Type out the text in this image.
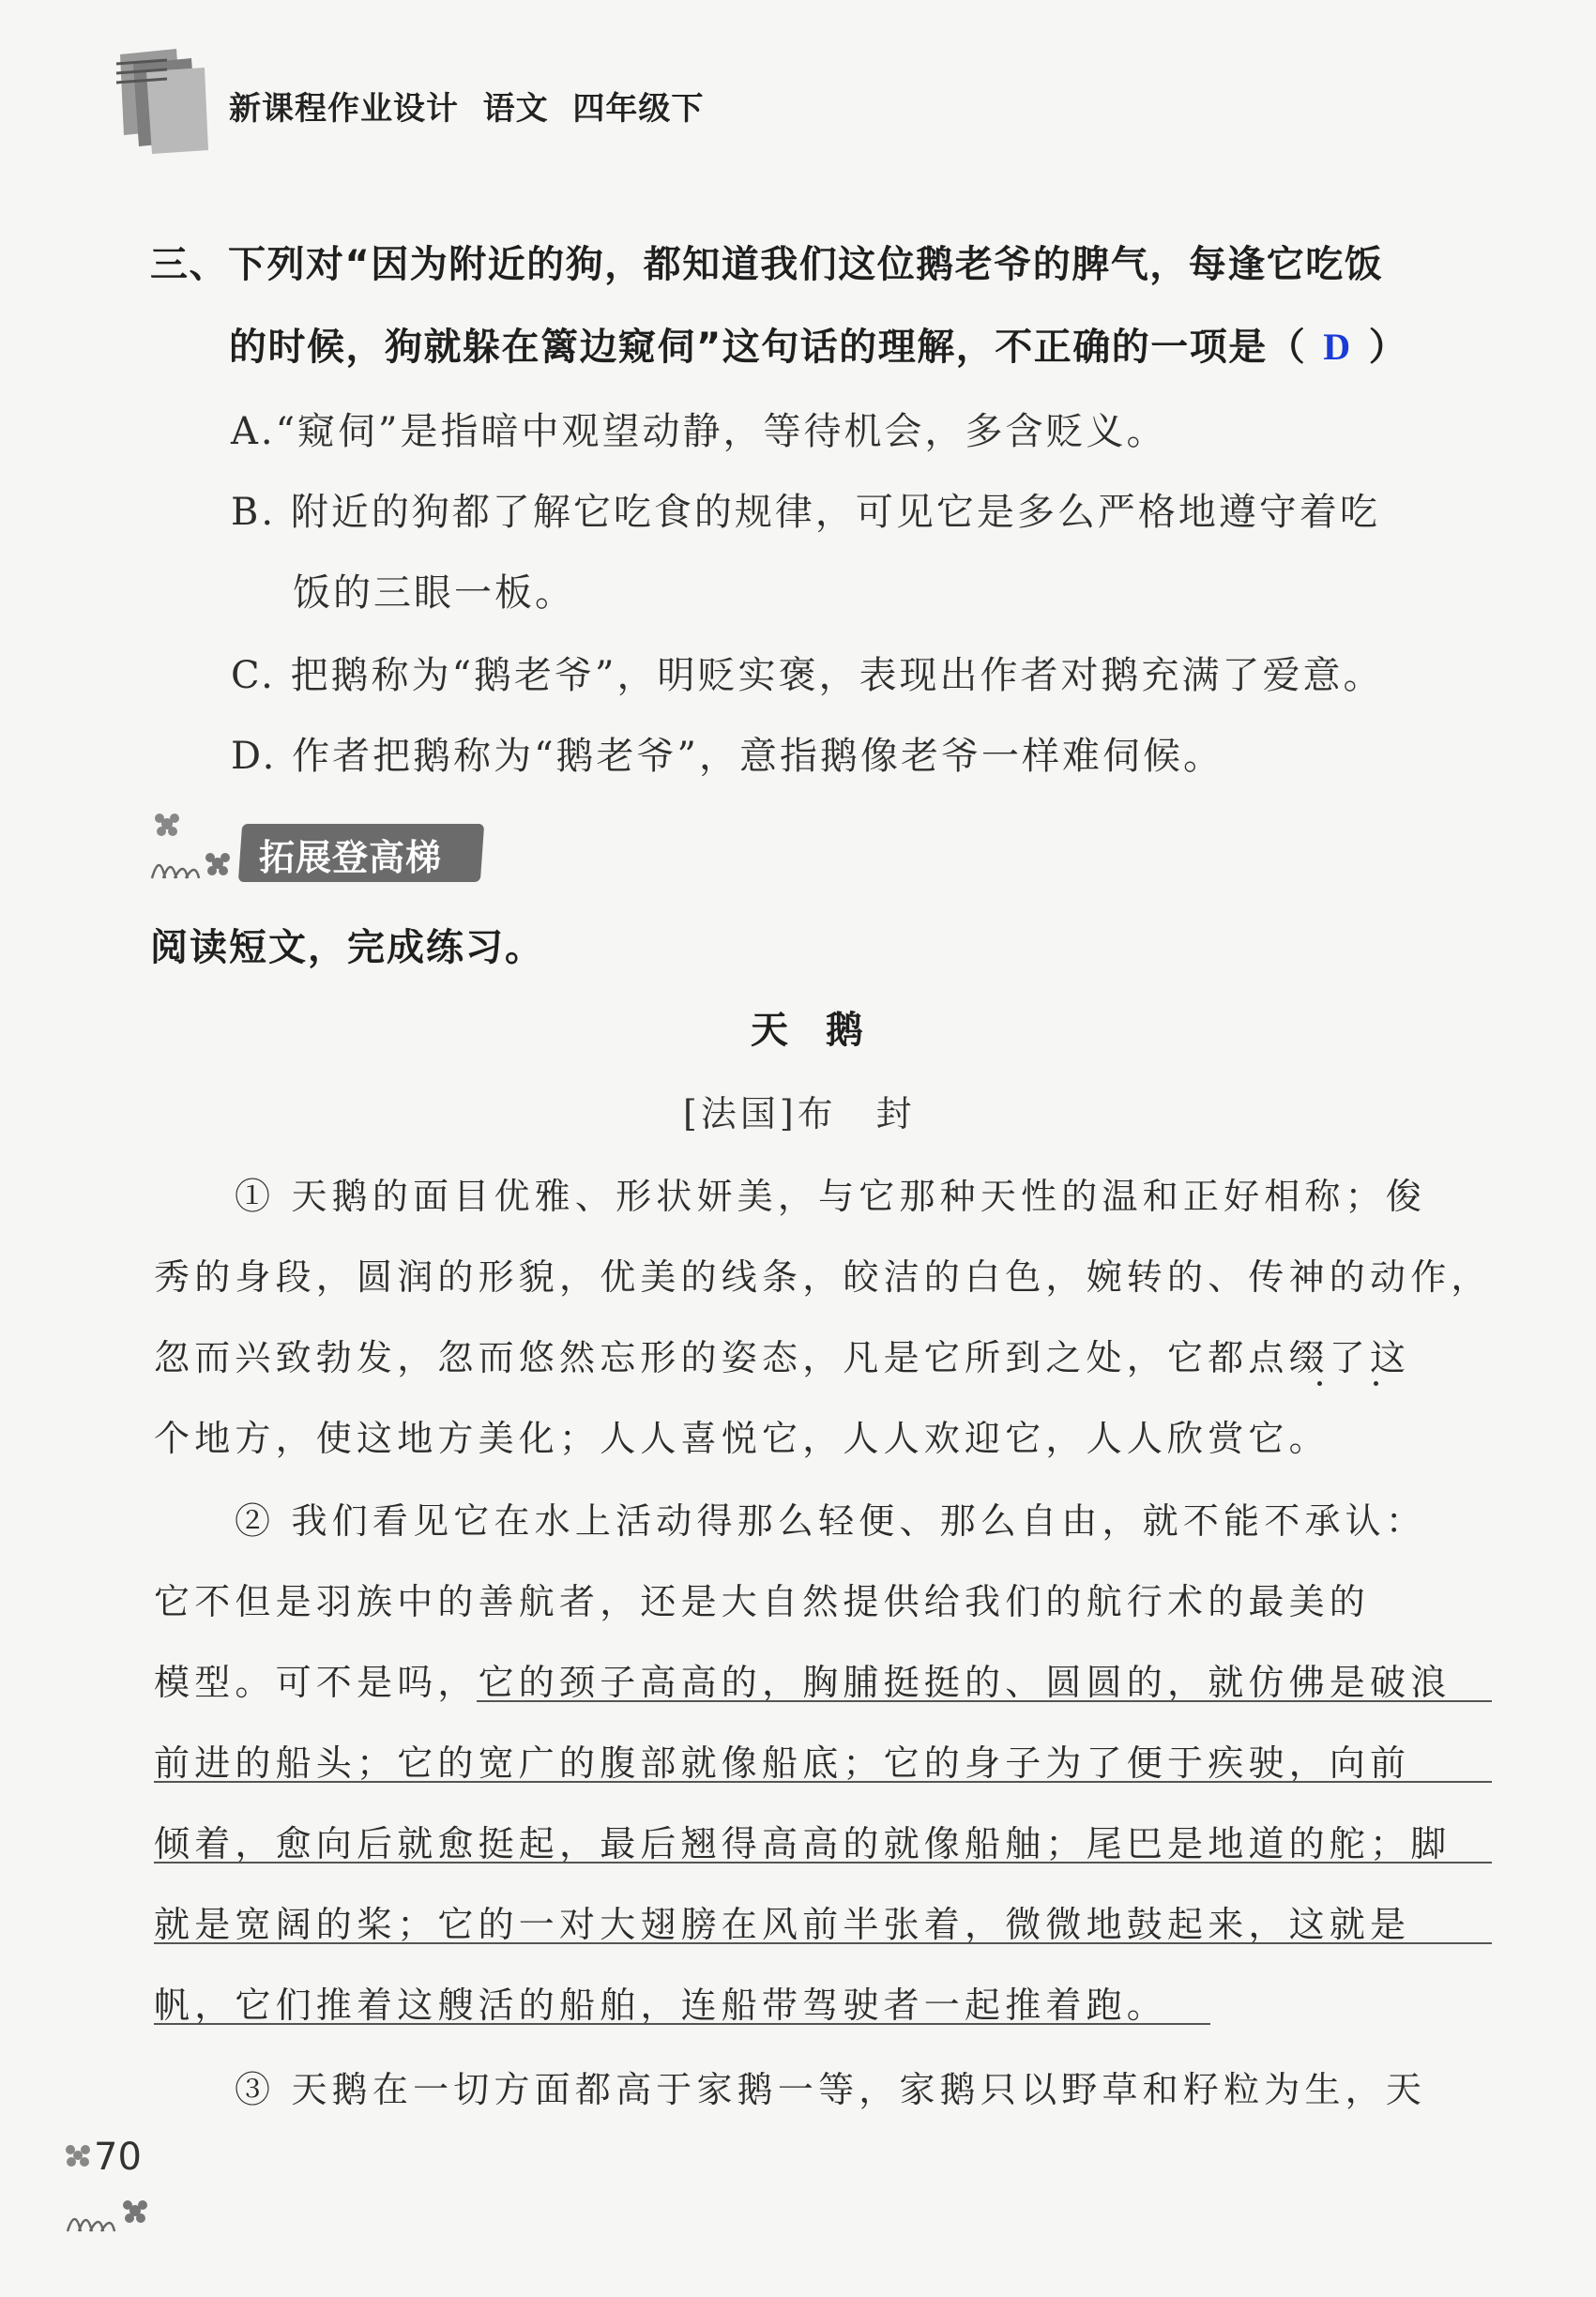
新课程作业设计  语文  四年级下
三、下列对“因为附近的狗，都知道我们这位鹅老爷的脾气，每逢它吃饭
的时候，狗就躲在篱边窥伺”这句话的理解，不正确的一项是（ D ）
A.“窥伺”是指暗中观望动静，等待机会，多含贬义。
B. 附近的狗都了解它吃食的规律，可见它是多么严格地遵守着吃
饭的三眼一板。
C. 把鹅称为“鹅老爷”，明贬实褒，表现出作者对鹅充满了爱意。
D. 作者把鹅称为“鹅老爷”，意指鹅像老爷一样难伺候。
拓展登高梯
阅读短文，完成练习。
天鹅
[法国]布　封
① 天鹅的面目优雅、形状妍美，与它那种天性的温和正好相称；俊
秀的身段，圆润的形貌，优美的线条，皎洁的白色，婉转的、传神的动作，
忽而兴致勃发，忽而悠然忘形的姿态，凡是它所到之处，它都点缀了这
个地方，使这地方美化；人人喜悦它，人人欢迎它，人人欣赏它。
② 我们看见它在水上活动得那么轻便、那么自由，就不能不承认：
它不但是羽族中的善航者，还是大自然提供给我们的航行术的最美的
模型。可不是吗，它的颈子高高的，胸脯挺挺的、圆圆的，就仿佛是破浪
前进的船头；它的宽广的腹部就像船底；它的身子为了便于疾驶，向前
倾着，愈向后就愈挺起，最后翘得高高的就像船舳；尾巴是地道的舵；脚
就是宽阔的桨；它的一对大翅膀在风前半张着，微微地鼓起来，这就是
帆，它们推着这艘活的船舶，连船带驾驶者一起推着跑。
③ 天鹅在一切方面都高于家鹅一等，家鹅只以野草和籽粒为生，天
70
